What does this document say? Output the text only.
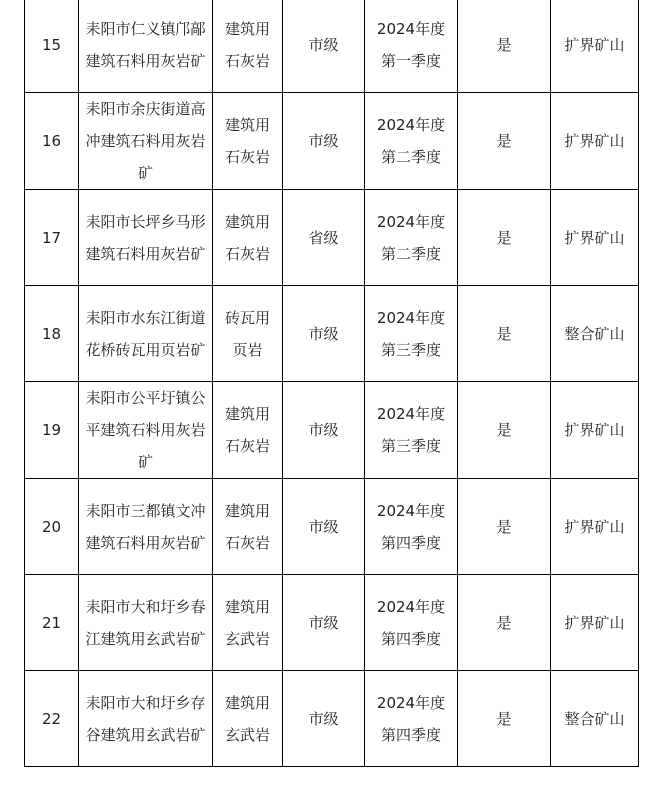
15	耒阳市仁义镇邝鄗建筑石料用灰岩矿	建筑用石灰岩	市级	2024年度第一季度	是	扩界矿山
16	耒阳市余庆街道高冲建筑石料用灰岩矿	建筑用石灰岩	市级	2024年度第二季度	是	扩界矿山
17	耒阳市长坪乡马形建筑石料用灰岩矿	建筑用石灰岩	省级	2024年度第二季度	是	扩界矿山
18	耒阳市水东江街道花桥砖瓦用页岩矿	砖瓦用页岩	市级	2024年度第三季度	是	整合矿山
19	耒阳市公平圩镇公平建筑石料用灰岩矿	建筑用石灰岩	市级	2024年度第三季度	是	扩界矿山
20	耒阳市三都镇文冲建筑石料用灰岩矿	建筑用石灰岩	市级	2024年度第四季度	是	扩界矿山
21	耒阳市大和圩乡春江建筑用玄武岩矿	建筑用玄武岩	市级	2024年度第四季度	是	扩界矿山
22	耒阳市大和圩乡存谷建筑用玄武岩矿	建筑用玄武岩	市级	2024年度第四季度	是	整合矿山
